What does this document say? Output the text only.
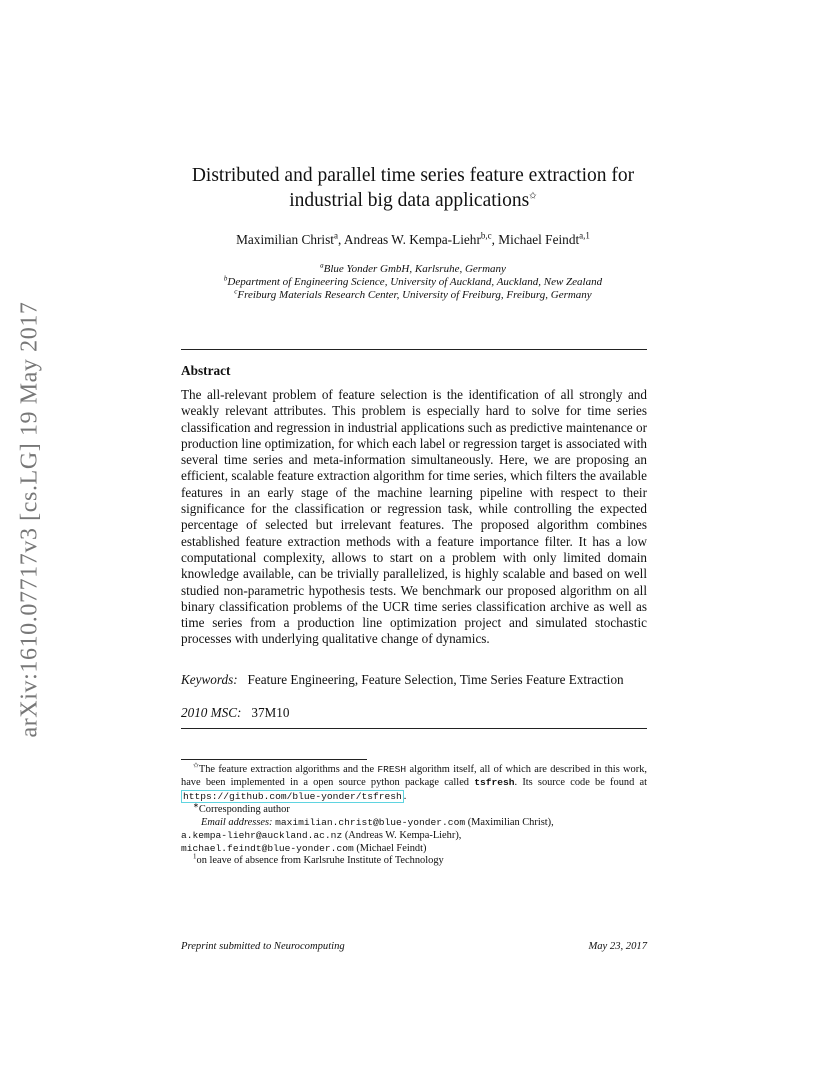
arXiv:1610.07717v3 [cs.LG] 19 May 2017
Distributed and parallel time series feature extraction for
industrial big data applications✩
Maximilian Christ$^a$, Andreas W. Kempa-Liehr$^{b,c}$, Michael Feindt$^{a,1}$
$^a$Blue Yonder GmbH, Karlsruhe, Germany
$^b$Department of Engineering Science, University of Auckland, Auckland, New Zealand
$^c$Freiburg Materials Research Center, University of Freiburg, Freiburg, Germany
Abstract
The all-relevant problem of feature selection is the identification of all strongly and weakly relevant attributes. This problem is especially hard to solve for time series classification and regression in industrial applications such as predictive maintenance or production line optimization, for which each label or regression target is associated with several time series and meta-information simultaneously. Here, we are proposing an efficient, scalable feature extraction algorithm for time series, which filters the available features in an early stage of the machine learning pipeline with respect to their significance for the classification or regression task, while controlling the expected percentage of selected but irrelevant features. The proposed algorithm combines established feature extraction methods with a feature importance filter. It has a low computational complexity, allows to start on a problem with only limited domain knowledge available, can be trivially parallelized, is highly scalable and based on well studied non-parametric hypothesis tests. We benchmark our proposed algorithm on all binary classification problems of the UCR time series classification archive as well as time series from a production line optimization project and simulated stochastic processes with underlying qualitative change of dynamics.
Keywords: Feature Engineering, Feature Selection, Time Series Feature Extraction
2010 MSC: 37M10
✩The feature extraction algorithms and the FRESH algorithm itself, all of which are described in this work, have been implemented in a open source python package called tsfresh. Its source code be found at https://github.com/blue-yonder/tsfresh .
∗Corresponding author
Email addresses: maximilian.christ@blue-yonder.com (Maximilian Christ),
a.kempa-liehr@auckland.ac.nz (Andreas W. Kempa-Liehr),
michael.feindt@blue-yonder.com (Michael Feindt)
$^1$on leave of absence from Karlsruhe Institute of Technology
Preprint submitted to Neurocomputing	May 23, 2017
